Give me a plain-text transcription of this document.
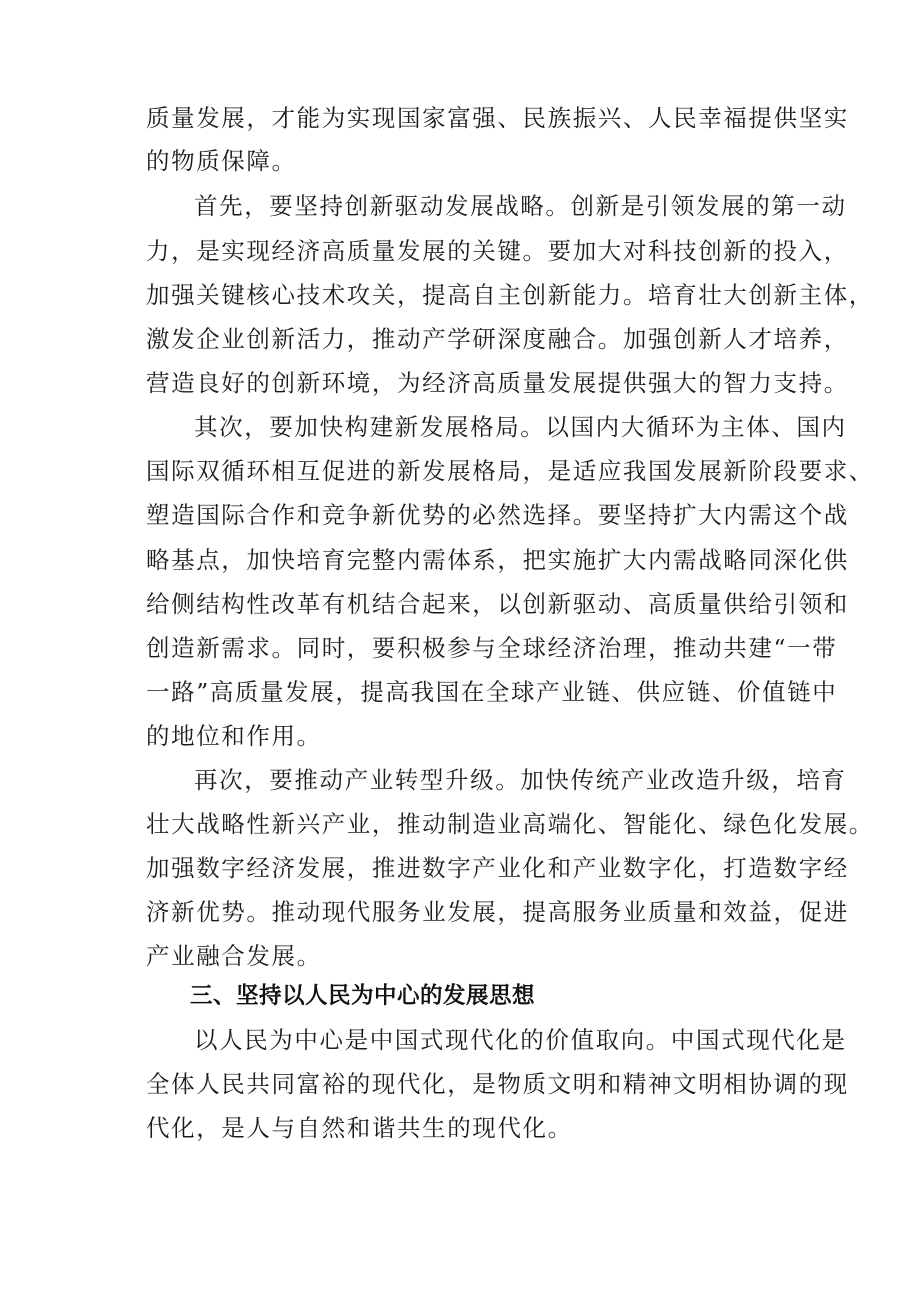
质量发展，才能为实现国家富强、民族振兴、人民幸福提供坚实

的物质保障。

首先，要坚持创新驱动发展战略。创新是引领发展的第一动

力，是实现经济高质量发展的关键。要加大对科技创新的投入，

加强关键核心技术攻关，提高自主创新能力。培育壮大创新主体，

激发企业创新活力，推动产学研深度融合。加强创新人才培养，

营造良好的创新环境，为经济高质量发展提供强大的智力支持。

其次，要加快构建新发展格局。以国内大循环为主体、国内

国际双循环相互促进的新发展格局，是适应我国发展新阶段要求、

塑造国际合作和竞争新优势的必然选择。要坚持扩大内需这个战

略基点，加快培育完整内需体系，把实施扩大内需战略同深化供

给侧结构性改革有机结合起来，以创新驱动、高质量供给引领和

创造新需求。同时，要积极参与全球经济治理，推动共建“一带

一路”高质量发展，提高我国在全球产业链、供应链、价值链中

的地位和作用。

再次，要推动产业转型升级。加快传统产业改造升级，培育

壮大战略性新兴产业，推动制造业高端化、智能化、绿色化发展。

加强数字经济发展，推进数字产业化和产业数字化，打造数字经

济新优势。推动现代服务业发展，提高服务业质量和效益，促进

产业融合发展。

三、坚持以人民为中心的发展思想

以人民为中心是中国式现代化的价值取向。中国式现代化是

全体人民共同富裕的现代化，是物质文明和精神文明相协调的现

代化，是人与自然和谐共生的现代化。
